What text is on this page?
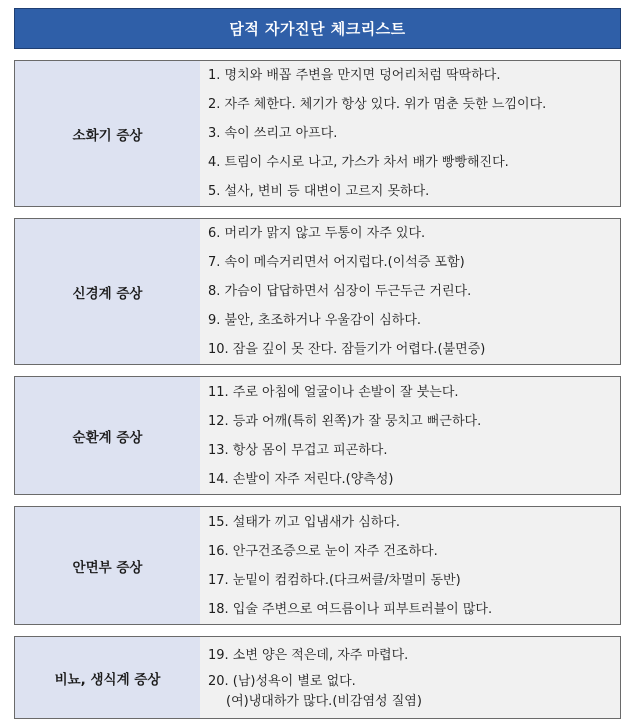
담적 자가진단 체크리스트
소화기 증상
1. 명치와 배꼽 주변을 만지면 덩어리처럼 딱딱하다.
2. 자주 체한다. 체기가 항상 있다. 위가 멈춘 듯한 느낌이다.
3. 속이 쓰리고 아프다.
4. 트림이 수시로 나고, 가스가 차서 배가 빵빵해진다.
5. 설사, 변비 등 대변이 고르지 못하다.
신경계 증상
6. 머리가 맑지 않고 두통이 자주 있다.
7. 속이 메슥거리면서 어지럽다.(이석증 포함)
8. 가슴이 답답하면서 심장이 두근두근 거린다.
9. 불안, 초조하거나 우울감이 심하다.
10. 잠을 깊이 못 잔다. 잠들기가 어렵다.(불면증)
순환계 증상
11. 주로 아침에 얼굴이나 손발이 잘 붓는다.
12. 등과 어깨(특히 왼쪽)가 잘 뭉치고 뻐근하다.
13. 항상 몸이 무겁고 피곤하다.
14. 손발이 자주 저린다.(양측성)
안면부 증상
15. 설태가 끼고 입냄새가 심하다.
16. 안구건조증으로 눈이 자주 건조하다.
17. 눈밑이 컴컴하다.(다크써클/차멀미 동반)
18. 입술 주변으로 여드름이나 피부트러블이 많다.
비뇨, 생식계 증상
19. 소변 양은 적은데, 자주 마렵다.
20. (남)성욕이 별로 없다.
(여)냉대하가 많다.(비감염성 질염)
